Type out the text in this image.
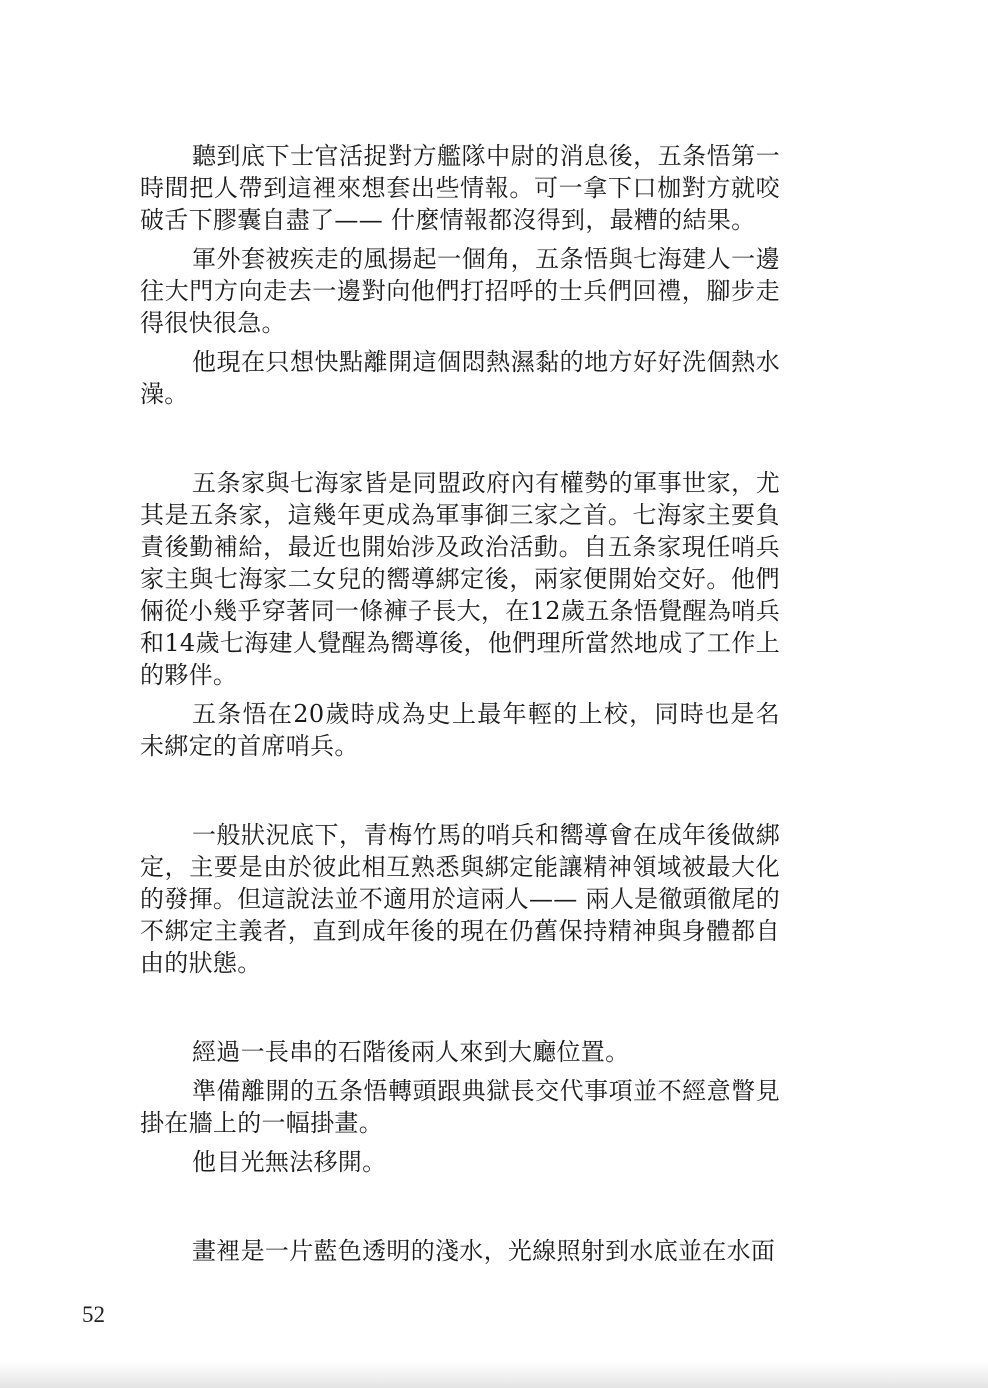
聽到底下士官活捉對方艦隊中尉的消息後，五条悟第一時間把人帶到這裡來想套出些情報。可一拿下口枷對方就咬破舌下膠囊自盡了—— 什麼情報都沒得到，最糟的結果。

軍外套被疾走的風揚起一個角，五条悟與七海建人一邊往大門方向走去一邊對向他們打招呼的士兵們回禮，腳步走得很快很急。

他現在只想快點離開這個悶熱濕黏的地方好好洗個熱水澡。

五条家與七海家皆是同盟政府內有權勢的軍事世家，尤其是五条家，這幾年更成為軍事御三家之首。七海家主要負責後勤補給，最近也開始涉及政治活動。自五条家現任哨兵家主與七海家二女兒的嚮導綁定後，兩家便開始交好。他們倆從小幾乎穿著同一條褲子長大，在12歲五条悟覺醒為哨兵和14歲七海建人覺醒為嚮導後，他們理所當然地成了工作上的夥伴。

五条悟在20歲時成為史上最年輕的上校，同時也是名未綁定的首席哨兵。

一般狀況底下，青梅竹馬的哨兵和嚮導會在成年後做綁定，主要是由於彼此相互熟悉與綁定能讓精神領域被最大化的發揮。但這說法並不適用於這兩人—— 兩人是徹頭徹尾的不綁定主義者，直到成年後的現在仍舊保持精神與身體都自由的狀態。

經過一長串的石階後兩人來到大廳位置。

準備離開的五条悟轉頭跟典獄長交代事項並不經意瞥見掛在牆上的一幅掛畫。

他目光無法移開。

畫裡是一片藍色透明的淺水，光線照射到水底並在水面

52
